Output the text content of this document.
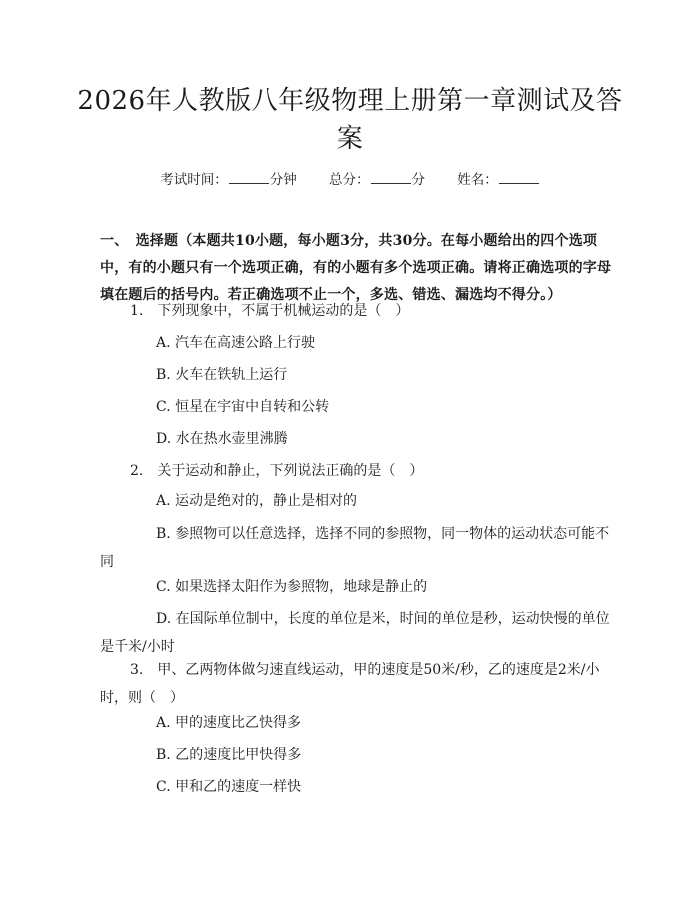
2026年人教版八年级物理上册第一章测试及答案
考试时间：	分钟 总分：	分 姓名：
一、　选择题（本题共10小题，每小题3分，共30分。在每小题给出的四个选项中，有的小题只有一个选项正确，有的小题有多个选项正确。请将正确选项的字母填在题后的括号内。若正确选项不止一个，多选、错选、漏选均不得分。）
1.　下列现象中，不属于机械运动的是（　）
A. 汽车在高速公路上行驶
B. 火车在铁轨上运行
C. 恒星在宇宙中自转和公转
D. 水在热水壶里沸腾
2.　关于运动和静止，下列说法正确的是（　）
A. 运动是绝对的，静止是相对的
B. 参照物可以任意选择，选择不同的参照物，同一物体的运动状态可能不同
C. 如果选择太阳作为参照物，地球是静止的
D. 在国际单位制中，长度的单位是米，时间的单位是秒，运动快慢的单位是千米/小时
3.　甲、乙两物体做匀速直线运动，甲的速度是50米/秒，乙的速度是2米/小时，则（　）
A. 甲的速度比乙快得多
B. 乙的速度比甲快得多
C. 甲和乙的速度一样快
